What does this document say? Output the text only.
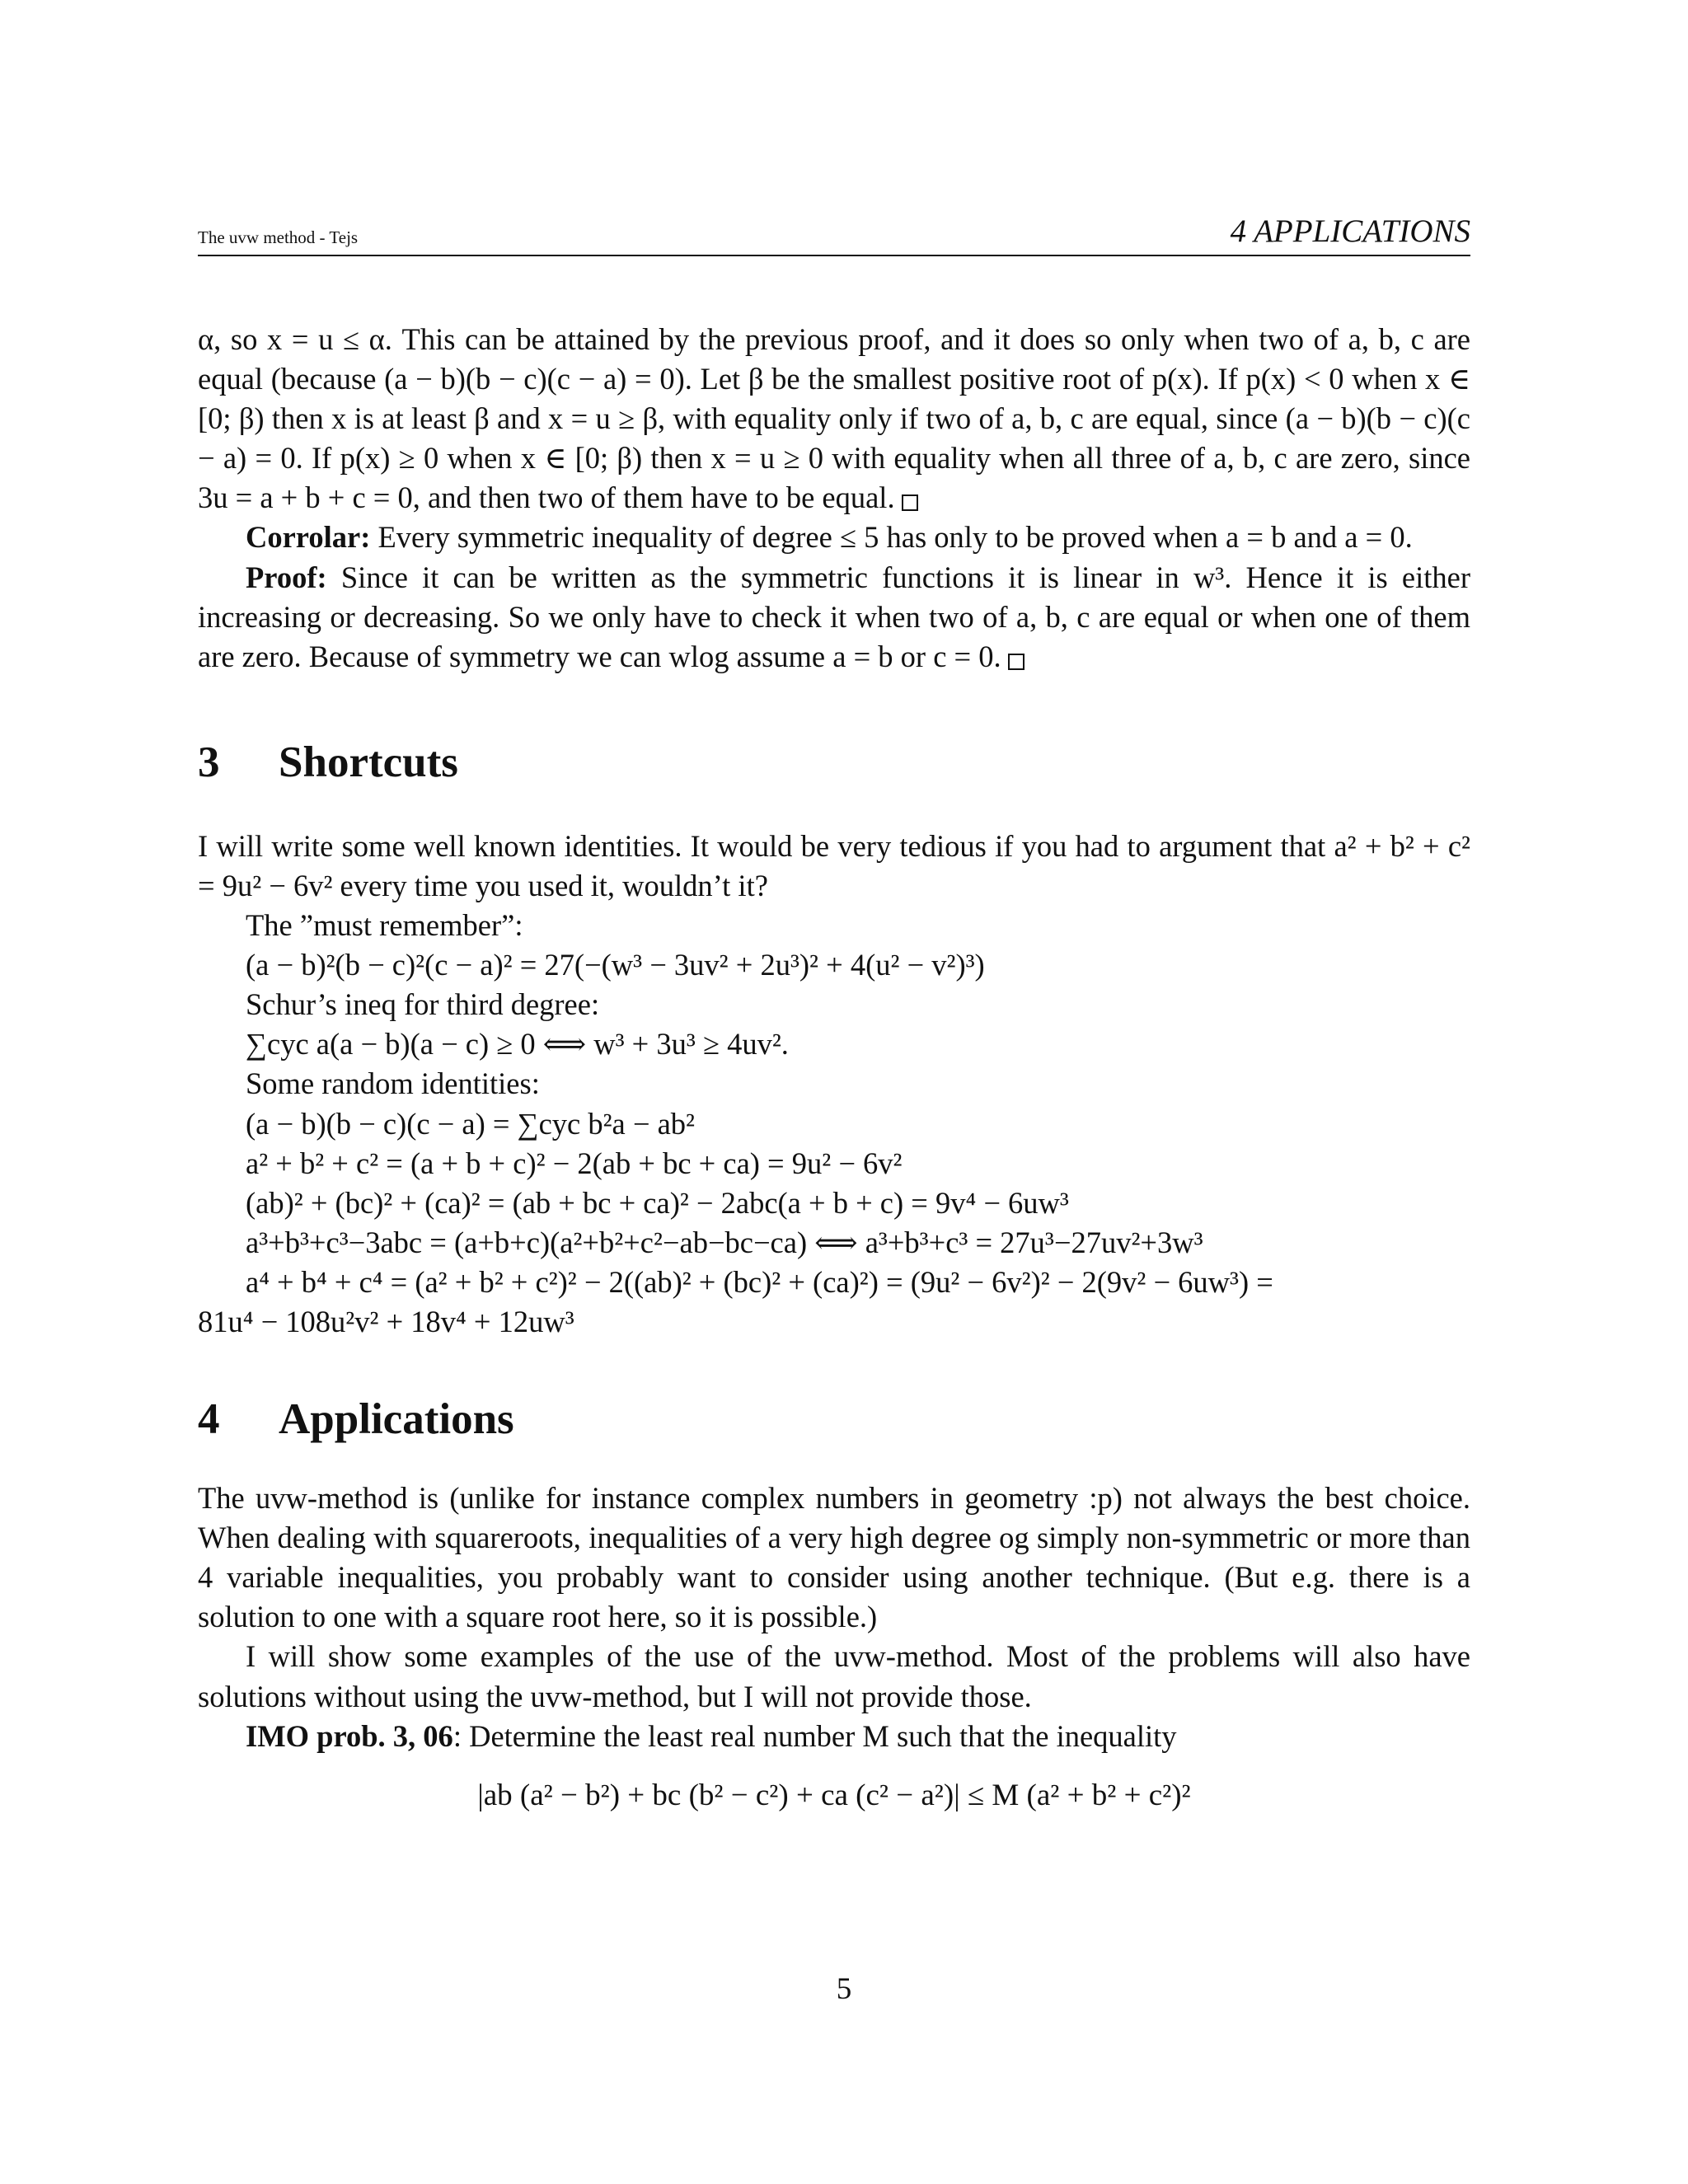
The uvw method - Tejs	4 APPLICATIONS

α, so x = u ≤ α. This can be attained by the previous proof, and it does so only when two of a, b, c are equal (because (a − b)(b − c)(c − a) = 0). Let β be the smallest positive root of p(x). If p(x) < 0 when x ∈ [0; β) then x is at least β and x = u ≥ β, with equality only if two of a, b, c are equal, since (a − b)(b − c)(c − a) = 0. If p(x) ≥ 0 when x ∈ [0; β) then x = u ≥ 0 with equality when all three of a, b, c are zero, since 3u = a + b + c = 0, and then two of them have to be equal.

Corrolar: Every symmetric inequality of degree ≤ 5 has only to be proved when a = b and a = 0.

Proof: Since it can be written as the symmetric functions it is linear in w³. Hence it is either increasing or decreasing. So we only have to check it when two of a, b, c are equal or when one of them are zero. Because of symmetry we can wlog assume a = b or c = 0.

3 Shortcuts

I will write some well known identities. It would be very tedious if you had to argument that a² + b² + c² = 9u² − 6v² every time you used it, wouldn’t it?

The ”must remember”:

(a − b)²(b − c)²(c − a)² = 27(−(w³ − 3uv² + 2u³)² + 4(u² − v²)³)

Schur’s ineq for third degree:

∑cyc a(a − b)(a − c) ≥ 0 ⟺ w³ + 3u³ ≥ 4uv².

Some random identities:

(a − b)(b − c)(c − a) = ∑cyc b²a − ab²

a² + b² + c² = (a + b + c)² − 2(ab + bc + ca) = 9u² − 6v²

(ab)² + (bc)² + (ca)² = (ab + bc + ca)² − 2abc(a + b + c) = 9v⁴ − 6uw³

a³+b³+c³−3abc = (a+b+c)(a²+b²+c²−ab−bc−ca) ⟺ a³+b³+c³ = 27u³−27uv²+3w³

a⁴ + b⁴ + c⁴ = (a² + b² + c²)² − 2((ab)² + (bc)² + (ca)²) = (9u² − 6v²)² − 2(9v² − 6uw³) =

81u⁴ − 108u²v² + 18v⁴ + 12uw³

4 Applications

The uvw-method is (unlike for instance complex numbers in geometry :p) not always the best choice. When dealing with squareroots, inequalities of a very high degree og simply non-symmetric or more than 4 variable inequalities, you probably want to consider using another technique. (But e.g. there is a solution to one with a square root here, so it is possible.)

I will show some examples of the use of the uvw-method. Most of the problems will also have solutions without using the uvw-method, but I will not provide those.

IMO prob. 3, 06: Determine the least real number M such that the inequality

|ab (a² − b²) + bc (b² − c²) + ca (c² − a²)| ≤ M (a² + b² + c²)²
5
